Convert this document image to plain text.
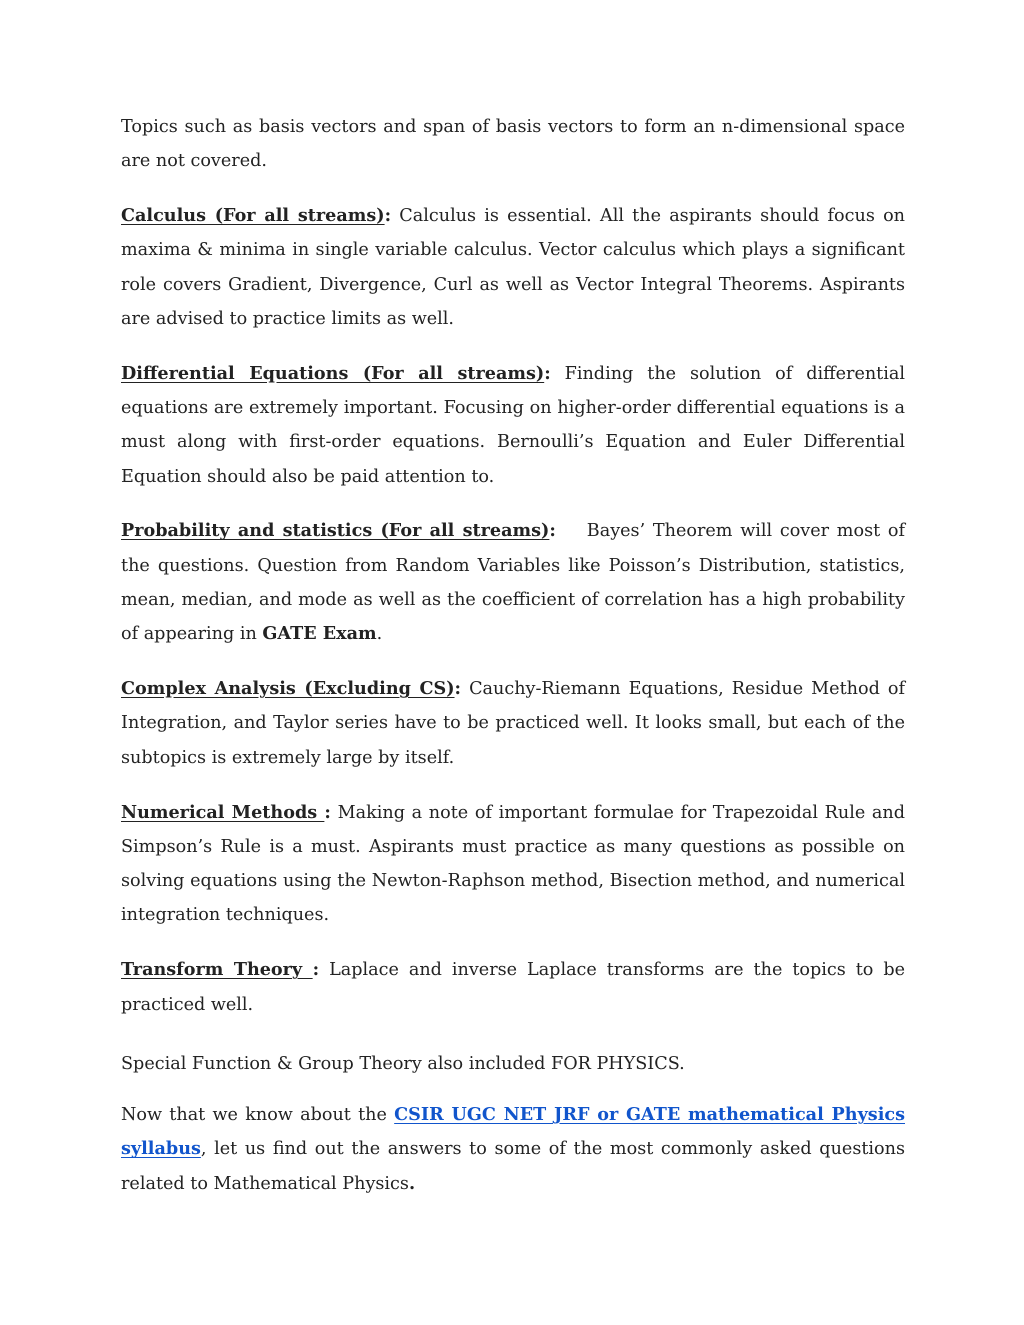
Topics such as basis vectors and span of basis vectors to form an n-dimensional space are not covered.

Calculus (For all streams): Calculus is essential. All the aspirants should focus on maxima & minima in single variable calculus. Vector calculus which plays a significant role covers Gradient, Divergence, Curl as well as Vector Integral Theorems. Aspirants are advised to practice limits as well.

Differential Equations (For all streams): Finding the solution of differential equations are extremely important. Focusing on higher-order differential equations is a must along with first-order equations. Bernoulli’s Equation and Euler Differential Equation should also be paid attention to.

Probability and statistics (For all streams):    Bayes’ Theorem will cover most of the questions. Question from Random Variables like Poisson’s Distribution, statistics, mean, median, and mode as well as the coefficient of correlation has a high probability of appearing in GATE Exam.

Complex Analysis (Excluding CS): Cauchy-Riemann Equations, Residue Method of Integration, and Taylor series have to be practiced well. It looks small, but each of the subtopics is extremely large by itself.

Numerical Methods : Making a note of important formulae for Trapezoidal Rule and Simpson’s Rule is a must. Aspirants must practice as many questions as possible on solving equations using the Newton-Raphson method, Bisection method, and numerical integration techniques.

Transform Theory : Laplace and inverse Laplace transforms are the topics to be practiced well.

Special Function & Group Theory also included FOR PHYSICS.

Now that we know about the CSIR UGC NET JRF or GATE mathematical Physics syllabus, let us find out the answers to some of the most commonly asked questions related to Mathematical Physics.
